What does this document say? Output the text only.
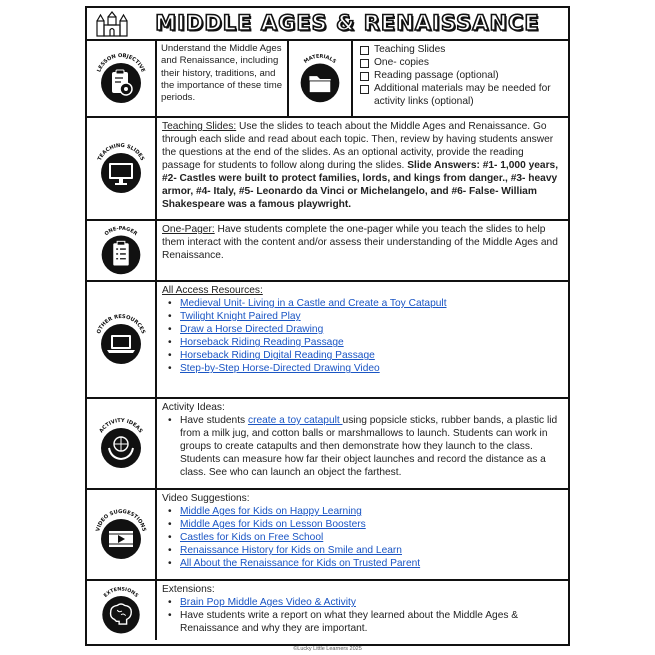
MIDDLE AGES & RENAISSANCE
LESSON OBJECTIVE
Understand the Middle Ages and Renaissance, including their history, traditions, and the importance of these time periods.
MATERIALS
Teaching Slides
One- copies
Reading passage (optional)
Additional materials may be needed for activity links (optional)
TEACHING SLIDES

Teaching Slides: Use the slides to teach about the Middle Ages and Renaissance. Go through each slide and read about each topic. Then, review by having students answer the questions at the end of the slides. As an optional activity, provide the reading passage for students to follow along during the slides. Slide Answers: #1- 1,000 years, #2- Castles were built to protect families, lords, and kings from danger., #3- heavy armor, #4- Italy, #5- Leonardo da Vinci or Michelangelo, and #6- False- William Shakespeare was a famous playwright.

ONE-PAGER One-Pager: Have students complete the one-pager while you teach the slides to help them interact with the content and/or assess their understanding of the Middle Ages and Renaissance.

OTHER RESOURCES

All Access Resources:

• Medieval Unit- Living in a Castle and Create a Toy Catapult
• Twilight Knight Paired Play
• Draw a Horse Directed Drawing
• Horseback Riding Reading Passage
• Horseback Riding Digital Reading Passage
• Step-by-Step Horse-Directed Drawing Video
ACTIVITY IDEAS

Activity Ideas:

• Have students create a toy catapult using popsicle sticks, rubber bands, a plastic lid from a milk jug, and cotton balls or marshmallows to launch. Students can work in groups to create catapults and then demonstrate how they launch to the class. Students can measure how far their object launches and record the distance as a class. See who can launch an object the farthest.
VIDEO SUGGESTIONS

Video Suggestions:

• Middle Ages for Kids on Happy Learning
• Middle Ages for Kids on Lesson Boosters
• Castles for Kids on Free School
• Renaissance History for Kids on Smile and Learn
• All About the Renaissance for Kids on Trusted Parent
EXTENSIONS Extensions:

• Brain Pop Middle Ages Video & Activity
• Have students write a report on what they learned about the Middle Ages & Renaissance and why they are important.
©Lucky Little Learners 2025
